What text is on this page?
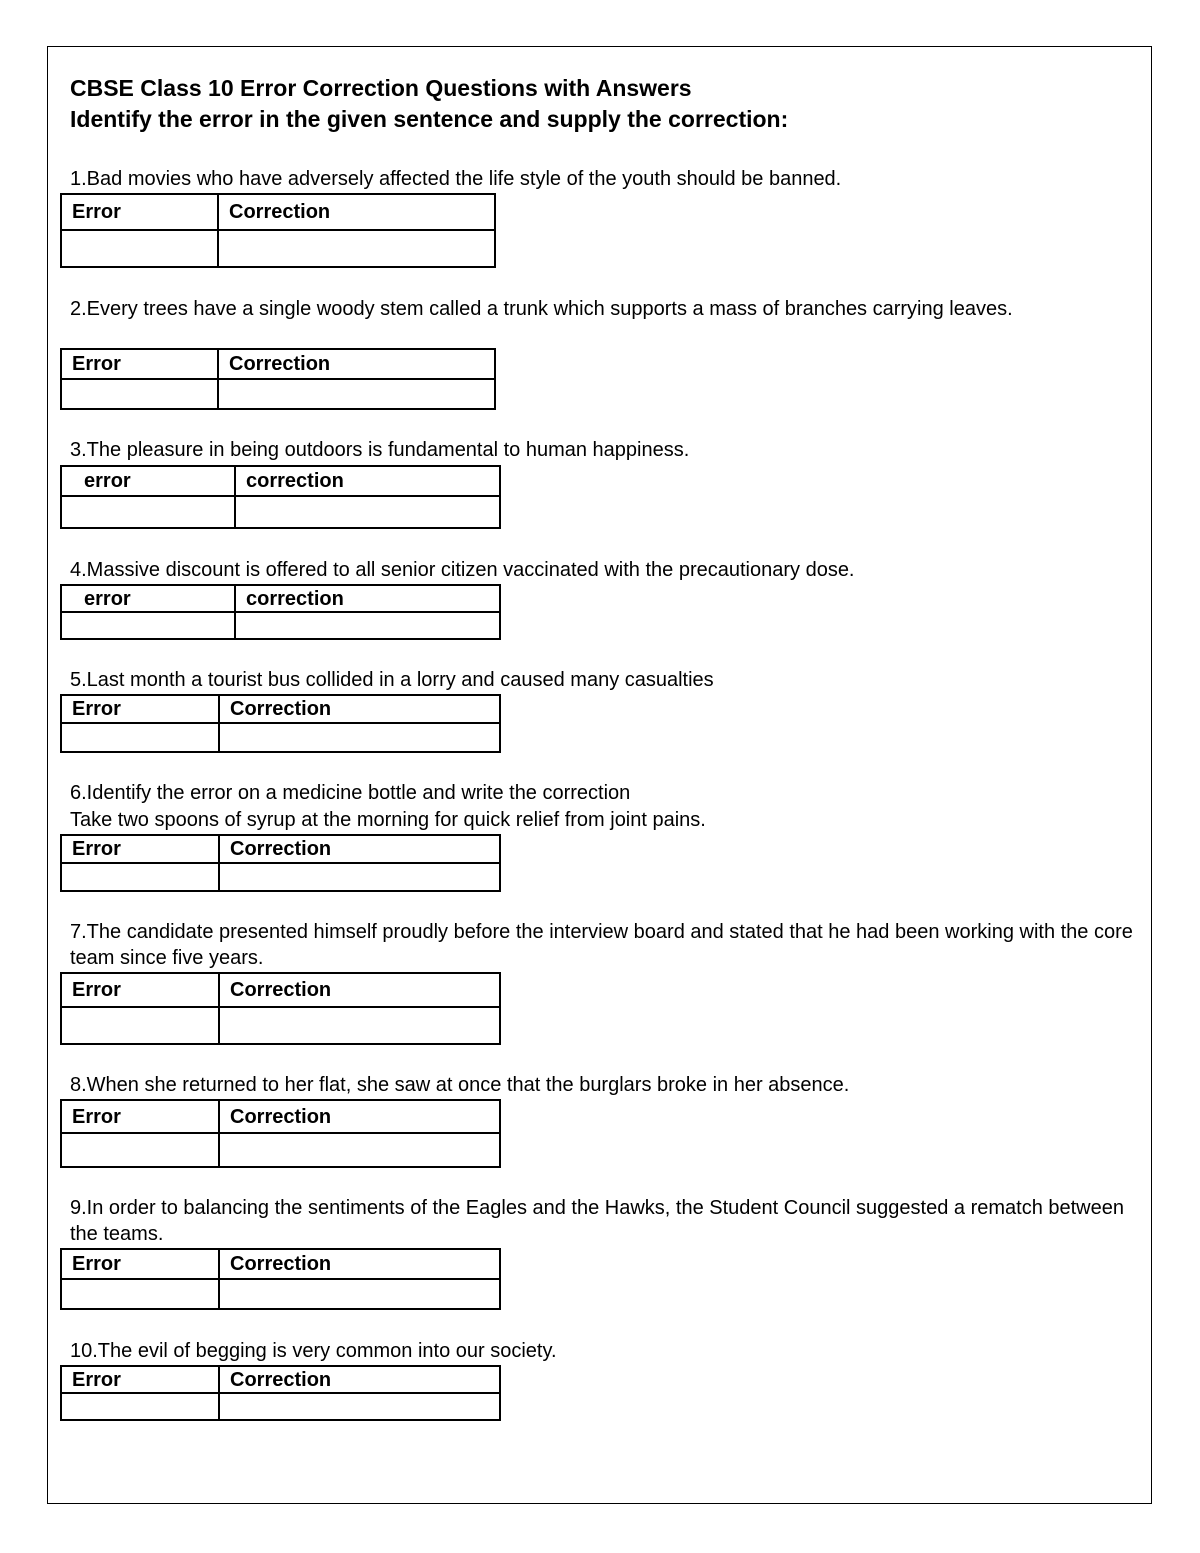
CBSE Class 10 Error Correction Questions with Answers
Identify the error in the given sentence and supply the correction:
1.Bad movies who have adversely affected the life style of the youth should be banned.
Error	Correction

2.Every trees have a single woody stem called a trunk which supports a mass of branches carrying leaves.
Error	Correction

3.The pleasure in being outdoors is fundamental to human happiness.
error	correction

4.Massive discount is offered to all senior citizen vaccinated with the precautionary dose.
error	correction

5.Last month a tourist bus collided in a lorry and caused many casualties
Error	Correction

6.Identify the error on a medicine bottle and write the correction
Take two spoons of syrup at the morning for quick relief from joint pains.
Error	Correction

7.The candidate presented himself proudly before the interview board and stated that he had been working with the core team since five years.
Error	Correction

8.When she returned to her flat, she saw at once that the burglars broke in her absence.
Error	Correction

9.In order to balancing the sentiments of the Eagles and the Hawks, the Student Council suggested a rematch between the teams.
Error	Correction

10.The evil of begging is very common into our society.
Error	Correction
